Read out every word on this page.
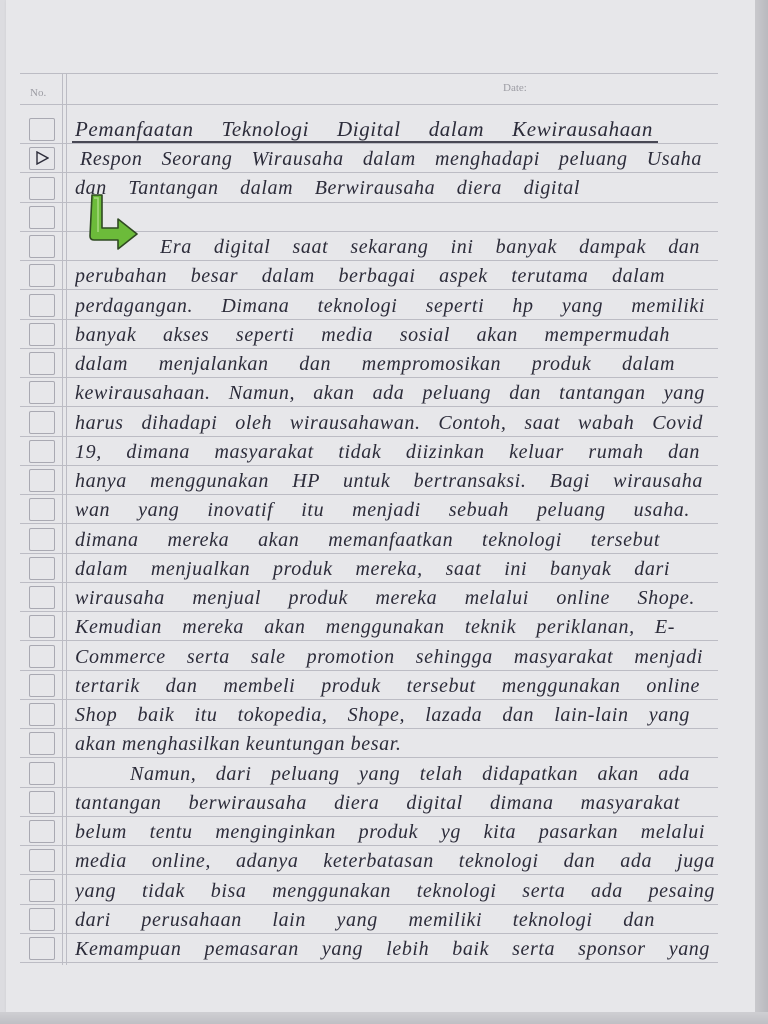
No.	Date:
Pemanfaatan Teknologi Digital dalam Kewirausahaan
Respon Seorang Wirausaha dalam menghadapi peluang Usaha
dan Tantangan dalam Berwirausaha diera digital
Era digital saat sekarang ini banyak dampak dan
perubahan besar dalam berbagai aspek terutama dalam
perdagangan. Dimana teknologi seperti hp yang memiliki
banyak akses seperti media sosial akan mempermudah
dalam menjalankan dan mempromosikan produk dalam
kewirausahaan. Namun, akan ada peluang dan tantangan yang
harus dihadapi oleh wirausahawan. Contoh, saat wabah Covid
19, dimana masyarakat tidak diizinkan keluar rumah dan
hanya menggunakan HP untuk bertransaksi. Bagi wirausaha
wan yang inovatif itu menjadi sebuah peluang usaha.
dimana mereka akan memanfaatkan teknologi tersebut
dalam menjualkan produk mereka, saat ini banyak dari
wirausaha menjual produk mereka melalui online Shope.
Kemudian mereka akan menggunakan teknik periklanan, E-
Commerce serta sale promotion sehingga masyarakat menjadi
tertarik dan membeli produk tersebut menggunakan online
Shop baik itu tokopedia, Shope, lazada dan lain-lain yang
akan menghasilkan keuntungan besar.
Namun, dari peluang yang telah didapatkan akan ada
tantangan berwirausaha diera digital dimana masyarakat
belum tentu menginginkan produk yg kita pasarkan melalui
media online, adanya keterbatasan teknologi dan ada juga
yang tidak bisa menggunakan teknologi serta ada pesaing
dari perusahaan lain yang memiliki teknologi dan
Kemampuan pemasaran yang lebih baik serta sponsor yang
